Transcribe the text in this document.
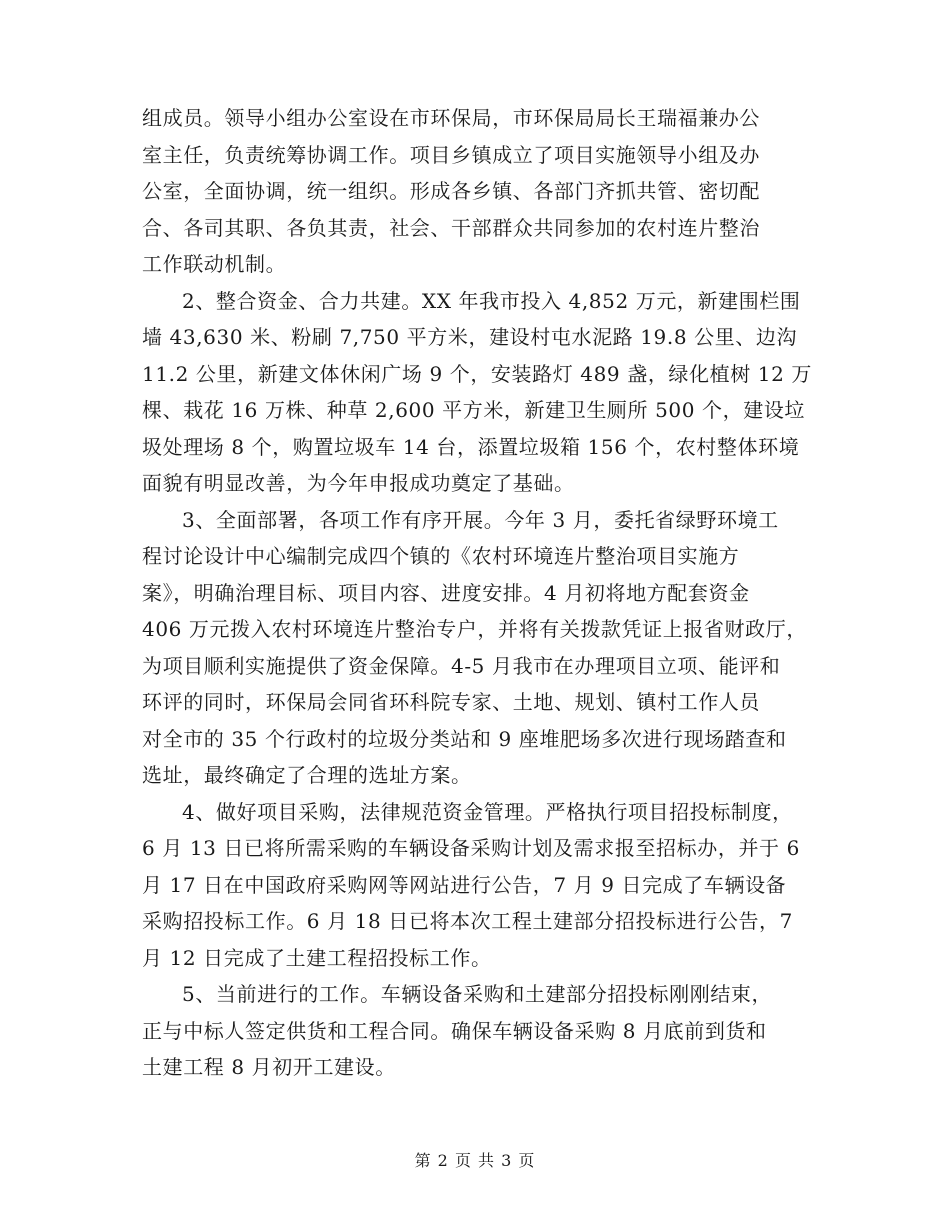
组成员。领导小组办公室设在市环保局，市环保局局长王瑞福兼办公
室主任，负责统筹协调工作。项目乡镇成立了项目实施领导小组及办
公室，全面协调，统一组织。形成各乡镇、各部门齐抓共管、密切配
合、各司其职、各负其责，社会、干部群众共同参加的农村连片整治
工作联动机制。
2、整合资金、合力共建。XX 年我市投入 4,852 万元，新建围栏围
墙 43,630 米、粉刷 7,750 平方米，建设村屯水泥路 19.8 公里、边沟
11.2 公里，新建文体休闲广场 9 个，安装路灯 489 盏，绿化植树 12 万
棵、栽花 16 万株、种草 2,600 平方米，新建卫生厕所 500 个，建设垃
圾处理场 8 个，购置垃圾车 14 台，添置垃圾箱 156 个，农村整体环境
面貌有明显改善，为今年申报成功奠定了基础。
3、全面部署，各项工作有序开展。今年 3 月，委托省绿野环境工
程讨论设计中心编制完成四个镇的《农村环境连片整治项目实施方
案》，明确治理目标、项目内容、进度安排。4 月初将地方配套资金
406 万元拨入农村环境连片整治专户，并将有关拨款凭证上报省财政厅，
为项目顺利实施提供了资金保障。4-5 月我市在办理项目立项、能评和
环评的同时，环保局会同省环科院专家、土地、规划、镇村工作人员
对全市的 35 个行政村的垃圾分类站和 9 座堆肥场多次进行现场踏查和
选址，最终确定了合理的选址方案。
4、做好项目采购，法律规范资金管理。严格执行项目招投标制度，
6 月 13 日已将所需采购的车辆设备采购计划及需求报至招标办，并于 6
月 17 日在中国政府采购网等网站进行公告，7 月 9 日完成了车辆设备
采购招投标工作。6 月 18 日已将本次工程土建部分招投标进行公告，7
月 12 日完成了土建工程招投标工作。
5、当前进行的工作。车辆设备采购和土建部分招投标刚刚结束，
正与中标人签定供货和工程合同。确保车辆设备采购 8 月底前到货和
土建工程 8 月初开工建设。
第 2 页 共 3 页
